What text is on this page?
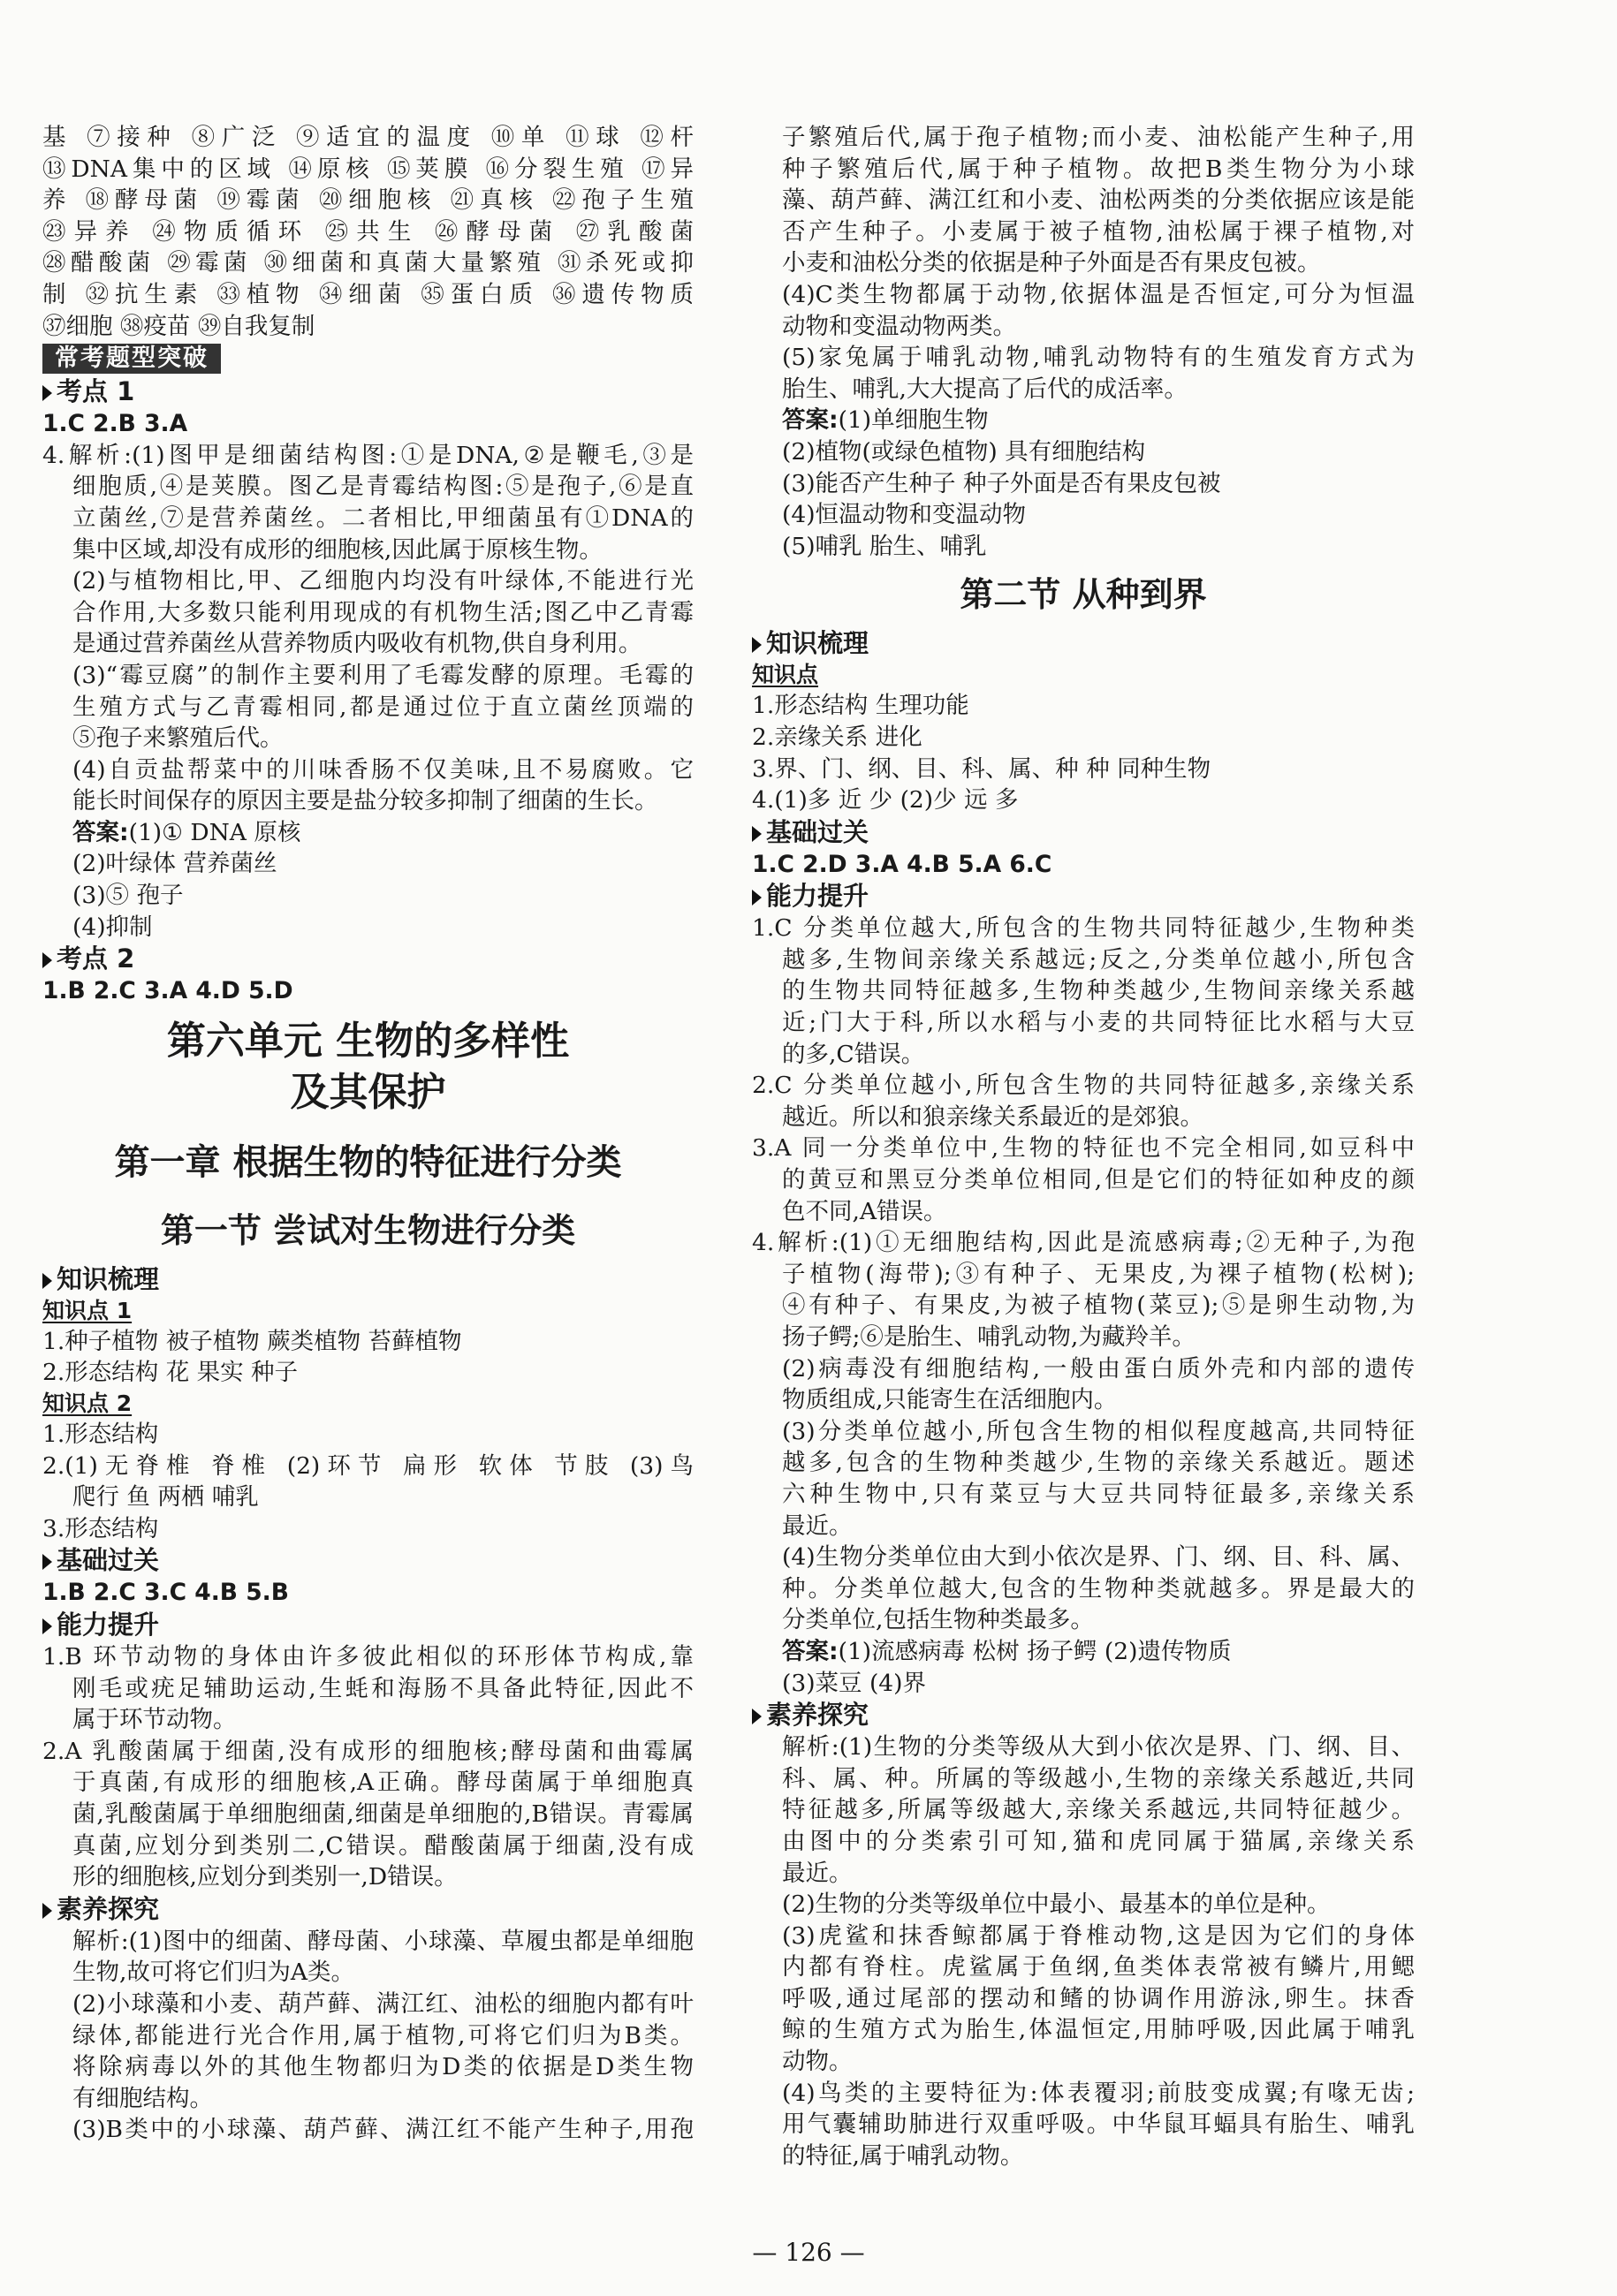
基 ⑦接种 ⑧广泛 ⑨适宜的温度 ⑩单 ⑪球 ⑫杆
⑬DNA集中的区域 ⑭原核 ⑮荚膜 ⑯分裂生殖 ⑰异
养 ⑱酵母菌 ⑲霉菌 ⑳细胞核 ㉑真核 ㉒孢子生殖
㉓异养 ㉔物质循环 ㉕共生 ㉖酵母菌 ㉗乳酸菌
㉘醋酸菌 ㉙霉菌 ㉚细菌和真菌大量繁殖 ㉛杀死或抑
制 ㉜抗生素 ㉝植物 ㉞细菌 ㉟蛋白质 ㊱遗传物质
㊲细胞 ㊳疫苗 ㊴自我复制
常考题型突破
考点 1
1.C 2.B 3.A
4.解析:(1)图甲是细菌结构图:①是DNA,②是鞭毛,③是
细胞质,④是荚膜。图乙是青霉结构图:⑤是孢子,⑥是直
立菌丝,⑦是营养菌丝。二者相比,甲细菌虽有①DNA的
集中区域,却没有成形的细胞核,因此属于原核生物。
(2)与植物相比,甲、乙细胞内均没有叶绿体,不能进行光
合作用,大多数只能利用现成的有机物生活;图乙中乙青霉
是通过营养菌丝从营养物质内吸收有机物,供自身利用。
(3)“霉豆腐”的制作主要利用了毛霉发酵的原理。毛霉的
生殖方式与乙青霉相同,都是通过位于直立菌丝顶端的
⑤孢子来繁殖后代。
(4)自贡盐帮菜中的川味香肠不仅美味,且不易腐败。它
能长时间保存的原因主要是盐分较多抑制了细菌的生长。
答案:(1)① DNA 原核
(2)叶绿体 营养菌丝
(3)⑤ 孢子
(4)抑制
考点 2
1.B 2.C 3.A 4.D 5.D
第六单元 生物的多样性
及其保护
第一章 根据生物的特征进行分类
第一节 尝试对生物进行分类
知识梳理
知识点 1
1.种子植物 被子植物 蕨类植物 苔藓植物
2.形态结构 花 果实 种子
知识点 2
1.形态结构
2.(1)无脊椎 脊椎 (2)环节 扁形 软体 节肢 (3)鸟
爬行 鱼 两栖 哺乳
3.形态结构
基础过关
1.B 2.C 3.C 4.B 5.B
能力提升
1.B 环节动物的身体由许多彼此相似的环形体节构成,靠
刚毛或疣足辅助运动,生蚝和海肠不具备此特征,因此不
属于环节动物。
2.A 乳酸菌属于细菌,没有成形的细胞核;酵母菌和曲霉属
于真菌,有成形的细胞核,A正确。酵母菌属于单细胞真
菌,乳酸菌属于单细胞细菌,细菌是单细胞的,B错误。青霉属
真菌,应划分到类别二,C错误。醋酸菌属于细菌,没有成
形的细胞核,应划分到类别一,D错误。
素养探究
解析:(1)图中的细菌、酵母菌、小球藻、草履虫都是单细胞
生物,故可将它们归为A类。
(2)小球藻和小麦、葫芦藓、满江红、油松的细胞内都有叶
绿体,都能进行光合作用,属于植物,可将它们归为B类。
将除病毒以外的其他生物都归为D类的依据是D类生物
有细胞结构。
(3)B类中的小球藻、葫芦藓、满江红不能产生种子,用孢
子繁殖后代,属于孢子植物;而小麦、油松能产生种子,用
种子繁殖后代,属于种子植物。故把B类生物分为小球
藻、葫芦藓、满江红和小麦、油松两类的分类依据应该是能
否产生种子。小麦属于被子植物,油松属于裸子植物,对
小麦和油松分类的依据是种子外面是否有果皮包被。
(4)C类生物都属于动物,依据体温是否恒定,可分为恒温
动物和变温动物两类。
(5)家兔属于哺乳动物,哺乳动物特有的生殖发育方式为
胎生、哺乳,大大提高了后代的成活率。
答案:(1)单细胞生物
(2)植物(或绿色植物) 具有细胞结构
(3)能否产生种子 种子外面是否有果皮包被
(4)恒温动物和变温动物
(5)哺乳 胎生、哺乳
第二节 从种到界
知识梳理
知识点
1.形态结构 生理功能
2.亲缘关系 进化
3.界、门、纲、目、科、属、种 种 同种生物
4.(1)多 近 少 (2)少 远 多
基础过关
1.C 2.D 3.A 4.B 5.A 6.C
能力提升
1.C 分类单位越大,所包含的生物共同特征越少,生物种类
越多,生物间亲缘关系越远;反之,分类单位越小,所包含
的生物共同特征越多,生物种类越少,生物间亲缘关系越
近;门大于科,所以水稻与小麦的共同特征比水稻与大豆
的多,C错误。
2.C 分类单位越小,所包含生物的共同特征越多,亲缘关系
越近。所以和狼亲缘关系最近的是郊狼。
3.A 同一分类单位中,生物的特征也不完全相同,如豆科中
的黄豆和黑豆分类单位相同,但是它们的特征如种皮的颜
色不同,A错误。
4.解析:(1)①无细胞结构,因此是流感病毒;②无种子,为孢
子植物(海带);③有种子、无果皮,为裸子植物(松树);
④有种子、有果皮,为被子植物(菜豆);⑤是卵生动物,为
扬子鳄;⑥是胎生、哺乳动物,为藏羚羊。
(2)病毒没有细胞结构,一般由蛋白质外壳和内部的遗传
物质组成,只能寄生在活细胞内。
(3)分类单位越小,所包含生物的相似程度越高,共同特征
越多,包含的生物种类越少,生物的亲缘关系越近。题述
六种生物中,只有菜豆与大豆共同特征最多,亲缘关系
最近。
(4)生物分类单位由大到小依次是界、门、纲、目、科、属、
种。分类单位越大,包含的生物种类就越多。界是最大的
分类单位,包括生物种类最多。
答案:(1)流感病毒 松树 扬子鳄 (2)遗传物质
(3)菜豆 (4)界
素养探究
解析:(1)生物的分类等级从大到小依次是界、门、纲、目、
科、属、种。所属的等级越小,生物的亲缘关系越近,共同
特征越多,所属等级越大,亲缘关系越远,共同特征越少。
由图中的分类索引可知,猫和虎同属于猫属,亲缘关系
最近。
(2)生物的分类等级单位中最小、最基本的单位是种。
(3)虎鲨和抹香鲸都属于脊椎动物,这是因为它们的身体
内都有脊柱。虎鲨属于鱼纲,鱼类体表常被有鳞片,用鳃
呼吸,通过尾部的摆动和鳍的协调作用游泳,卵生。抹香
鲸的生殖方式为胎生,体温恒定,用肺呼吸,因此属于哺乳
动物。
(4)鸟类的主要特征为:体表覆羽;前肢变成翼;有喙无齿;
用气囊辅助肺进行双重呼吸。中华鼠耳蝠具有胎生、哺乳
的特征,属于哺乳动物。
— 126 —
